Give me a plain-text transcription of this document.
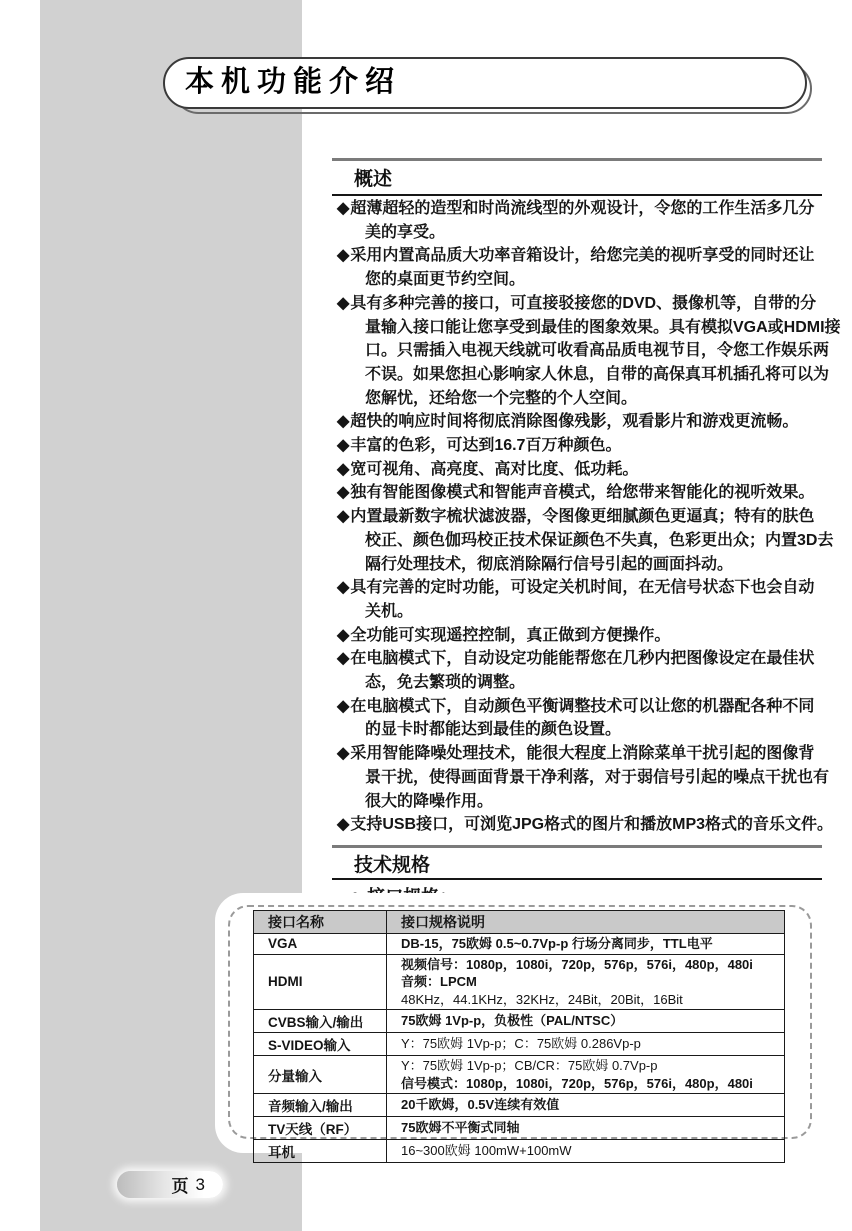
本机功能介绍
概述
◆超薄超轻的造型和时尚流线型的外观设计，令您的工作生活多几分
美的享受。
◆采用内置高品质大功率音箱设计，给您完美的视听享受的同时还让
您的桌面更节约空间。
◆具有多种完善的接口，可直接驳接您的DVD、摄像机等，自带的分
量输入接口能让您享受到最佳的图象效果。具有模拟VGA或HDMI接
口。只需插入电视天线就可收看高品质电视节目，令您工作娱乐两
不误。如果您担心影响家人休息，自带的高保真耳机插孔将可以为
您解忧，还给您一个完整的个人空间。
◆超快的响应时间将彻底消除图像残影，观看影片和游戏更流畅。
◆丰富的色彩，可达到16.7百万种颜色。
◆宽可视角、高亮度、高对比度、低功耗。
◆独有智能图像模式和智能声音模式，给您带来智能化的视听效果。
◆内置最新数字梳状滤波器，令图像更细腻颜色更逼真；特有的肤色
校正、颜色伽玛校正技术保证颜色不失真，色彩更出众；内置3D去
隔行处理技术，彻底消除隔行信号引起的画面抖动。
◆具有完善的定时功能，可设定关机时间，在无信号状态下也会自动
关机。
◆全功能可实现遥控控制，真正做到方便操作。
◆在电脑模式下，自动设定功能能帮您在几秒内把图像设定在最佳状
态，免去繁琐的调整。
◆在电脑模式下，自动颜色平衡调整技术可以让您的机器配各种不同
的显卡时都能达到最佳的颜色设置。
◆采用智能降噪处理技术，能很大程度上消除菜单干扰引起的图像背
景干扰，使得画面背景干净利落，对于弱信号引起的噪点干扰也有
很大的降噪作用。
◆支持USB接口，可浏览JPG格式的图片和播放MP3格式的音乐文件。
技术规格
接口名称	接口规格说明
VGA	DB-15，75欧姆 0.5~0.7Vp-p 行场分离同步，TTL电平

HDMI	视频信号：1080p，1080i，720p，576p，576i，480p，480i
音频：LPCM
48KHz，44.1KHz，32KHz，24Bit，20Bit，16Bit

CVBS输入/输出	75欧姆 1Vp-p，负极性（PAL/NTSC）

S-VIDEO输入	Y：75欧姆 1Vp-p；C：75欧姆 0.286Vp-p

分量输入	Y：75欧姆 1Vp-p；CB/CR：75欧姆 0.7Vp-p
信号模式：1080p，1080i，720p，576p，576i，480p，480i

音频输入/输出	20千欧姆，0.5V连续有效值

TV天线（RF）	75欧姆不平衡式同轴

耳机	16~300欧姆 100mW+100mW
页 3
